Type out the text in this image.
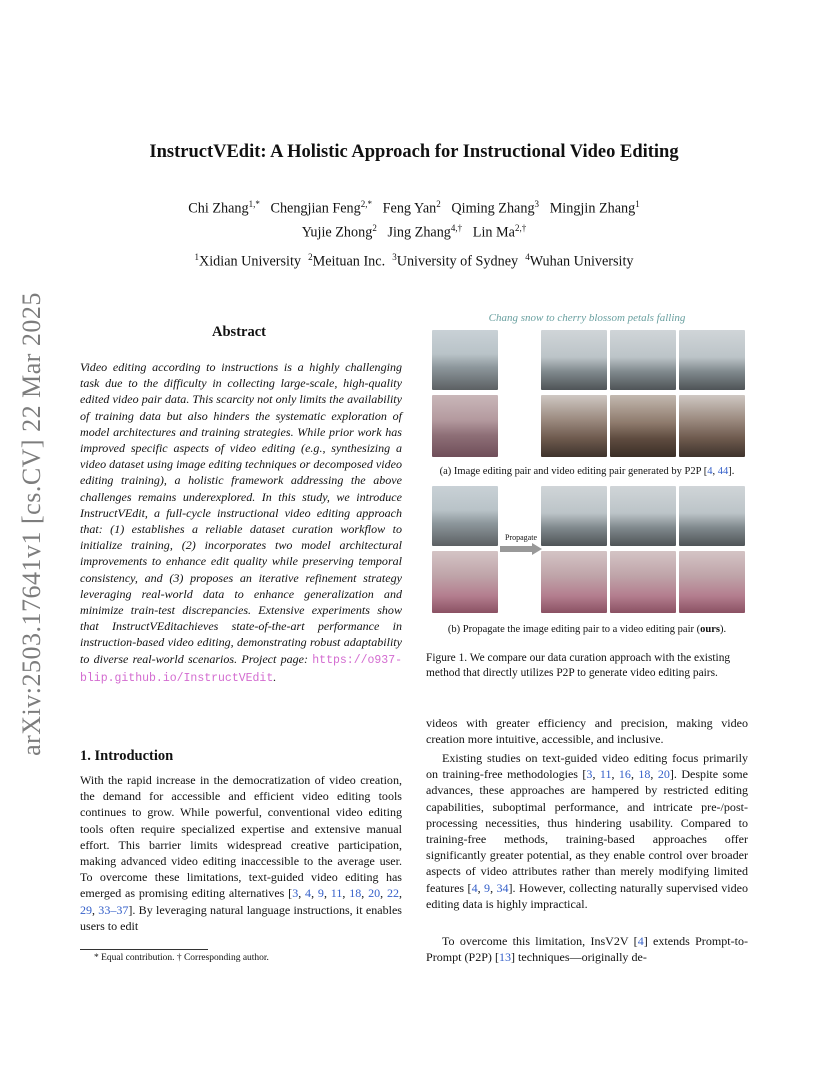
arXiv:2503.17641v1 [cs.CV] 22 Mar 2025
InstructVEdit: A Holistic Approach for Instructional Video Editing
Chi Zhang$^{1,*}$ Chengjian Feng$^{2,*}$ Feng Yan$^2$ Qiming Zhang$^3$ Mingjin Zhang$^1$
Yujie Zhong$^2$ Jing Zhang$^{4,\dagger}$ Lin $Ma^{2,\dagger}$
$^1$Xidian University $^2$Meituan Inc. $^3$University of Sydney $^4$Wuhan University
Abstract
Video editing according to instructions is a highly challenging task due to the difficulty in collecting large-scale, high-quality edited video pair data. This scarcity not only limits the availability of training data but also hinders the systematic exploration of model architectures and training strategies. While prior work has improved specific aspects of video editing (e.g., synthesizing a video dataset using image editing techniques or decomposed video editing training), a holistic framework addressing the above challenges remains underexplored. In this study, we introduce InstructVEdit, a full-cycle instructional video editing approach that: (1) establishes a reliable dataset curation workflow to initialize training, (2) incorporates two model architectural improvements to enhance edit quality while preserving temporal consistency, and (3) proposes an iterative refinement strategy leveraging real-world data to enhance generalization and minimize train-test discrepancies. Extensive experiments show that InstructVEditachieves state-of-the-art performance in instruction-based video editing, demonstrating robust adaptability to diverse real-world scenarios. Project page: https://o937-blip.github.io/InstructVEdit.
1. Introduction
With the rapid increase in the democratization of video creation, the demand for accessible and efficient video editing tools continues to grow. While powerful, conventional video editing tools often require specialized expertise and extensive manual effort. This barrier limits widespread creative participation, making advanced video editing inaccessible to the average user. To overcome these limitations, text-guided video editing has emerged as promising editing alternatives [3, 4, 9, 11, 18, 20, 22, 29, 33–37]. By leveraging natural language instructions, it enables users to edit
* Equal contribution. † Corresponding author.
Chang snow to cherry blossom petals falling
(a) Image editing pair and video editing pair generated by P2P [4, 44].
Propagate
(b) Propagate the image editing pair to a video editing pair (ours).
Figure 1. We compare our data curation approach with the existing method that directly utilizes P2P to generate video editing pairs.
videos with greater efficiency and precision, making video creation more intuitive, accessible, and inclusive.
Existing studies on text-guided video editing focus primarily on training-free methodologies [3, 11, 16, 18, 20]. Despite some advances, these approaches are hampered by restricted editing capabilities, suboptimal performance, and intricate pre-/post-processing necessities, thus hindering usability. Compared to training-free methods, training-based approaches offer significantly greater potential, as they enable control over broader aspects of video attributes rather than merely modifying limited features [4, 9, 34]. However, collecting naturally supervised video editing data is highly impractical.
To overcome this limitation, InsV2V [4] extends Prompt-to-Prompt (P2P) [13] techniques—originally de-
